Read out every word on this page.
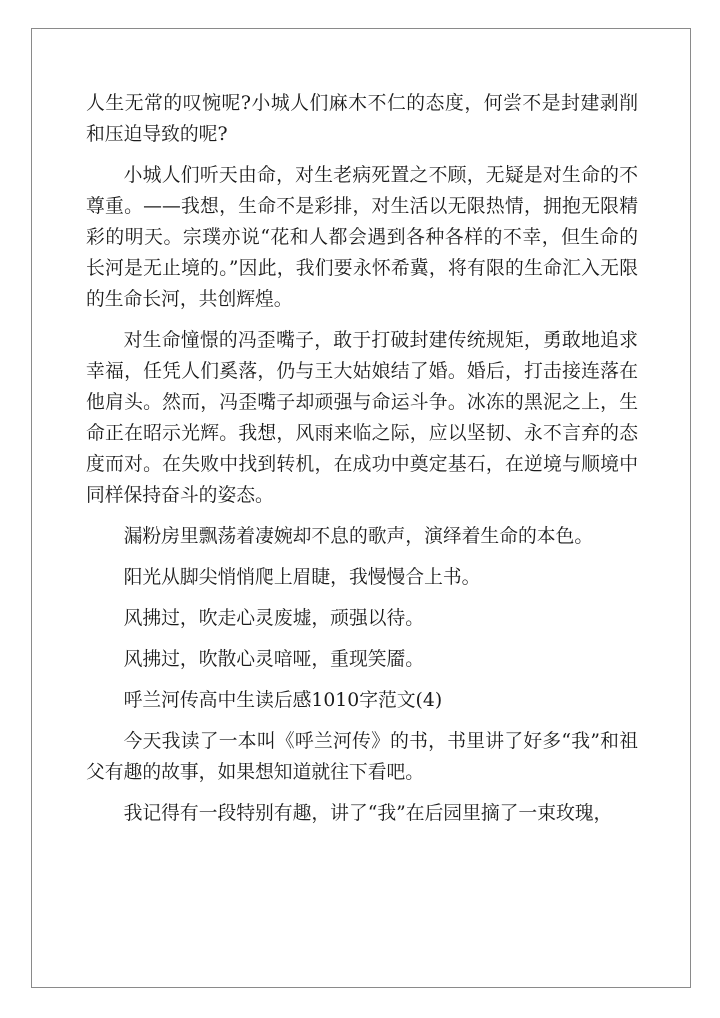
人生无常的叹惋呢?小城人们麻木不仁的态度，何尝不是封建剥削和压迫导致的呢?

小城人们听天由命，对生老病死置之不顾，无疑是对生命的不尊重。——我想，生命不是彩排，对生活以无限热情，拥抱无限精彩的明天。宗璞亦说“花和人都会遇到各种各样的不幸，但生命的长河是无止境的。”因此，我们要永怀希冀，将有限的生命汇入无限的生命长河，共创辉煌。

对生命憧憬的冯歪嘴子，敢于打破封建传统规矩，勇敢地追求幸福，任凭人们奚落，仍与王大姑娘结了婚。婚后，打击接连落在他肩头。然而，冯歪嘴子却顽强与命运斗争。冰冻的黑泥之上，生命正在昭示光辉。我想，风雨来临之际，应以坚韧、永不言弃的态度而对。在失败中找到转机，在成功中奠定基石，在逆境与顺境中同样保持奋斗的姿态。

漏粉房里飘荡着凄婉却不息的歌声，演绎着生命的本色。

阳光从脚尖悄悄爬上眉睫，我慢慢合上书。

风拂过，吹走心灵废墟，顽强以待。

风拂过，吹散心灵喑哑，重现笑靥。

呼兰河传高中生读后感1010字范文(4)

今天我读了一本叫《呼兰河传》的书，书里讲了好多“我”和祖父有趣的故事，如果想知道就往下看吧。

我记得有一段特别有趣，讲了“我”在后园里摘了一束玫瑰，
